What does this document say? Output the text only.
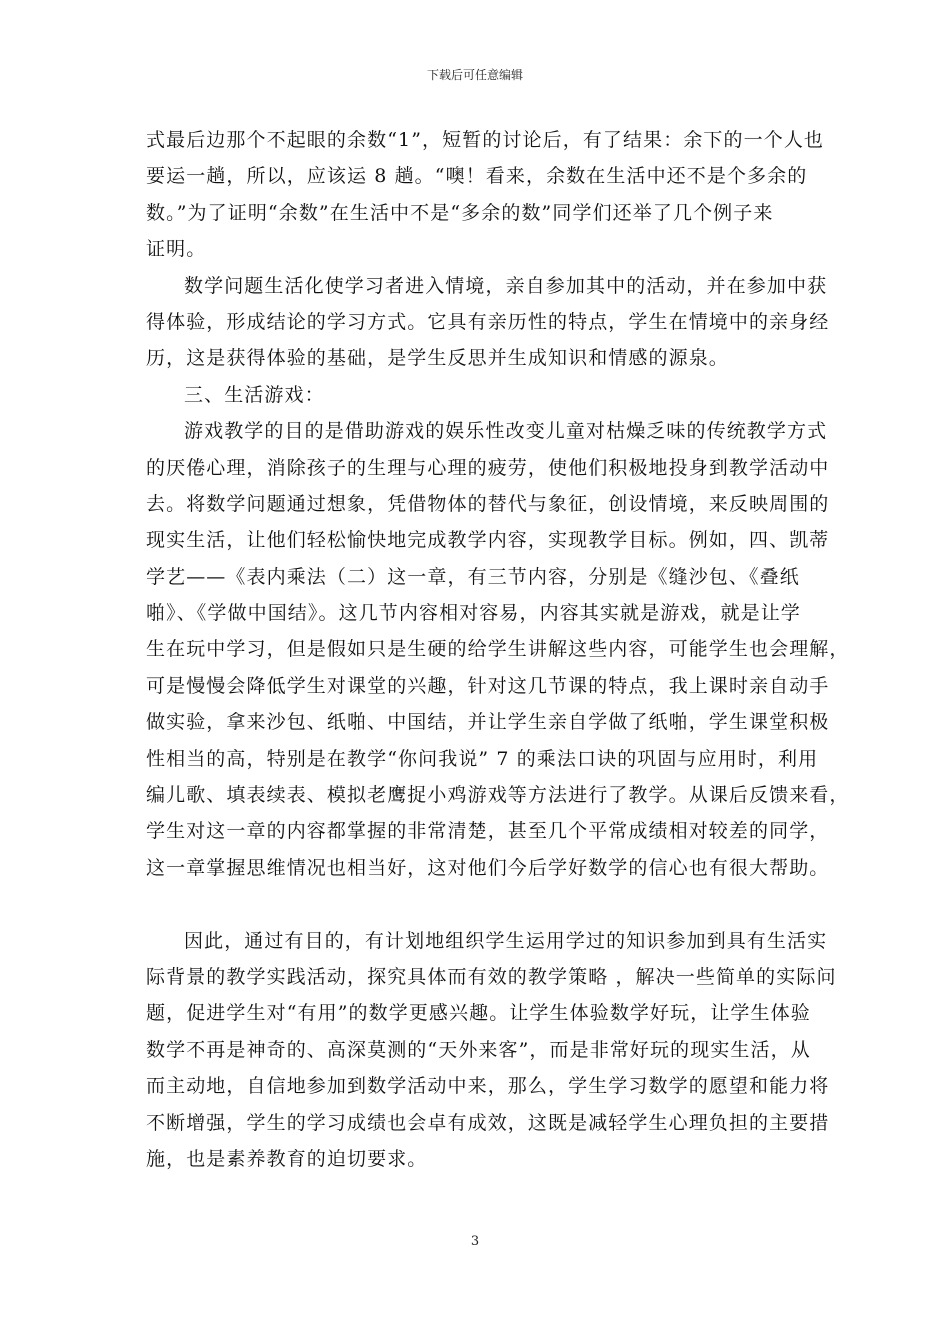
下载后可任意编辑
式最后边那个不起眼的余数“1”，短暂的讨论后，有了结果：余下的一个人也
要运一趟，所以，应该运 8 趟。“噢！看来，余数在生活中还不是个多余的
数。”为了证明“余数”在生活中不是“多余的数”同学们还举了几个例子来
证明。
数学问题生活化使学习者进入情境，亲自参加其中的活动，并在参加中获
得体验，形成结论的学习方式。它具有亲历性的特点，学生在情境中的亲身经
历，这是获得体验的基础，是学生反思并生成知识和情感的源泉。
三、生活游戏：
游戏教学的目的是借助游戏的娱乐性改变儿童对枯燥乏味的传统教学方式
的厌倦心理，消除孩子的生理与心理的疲劳，使他们积极地投身到教学活动中
去。将数学问题通过想象，凭借物体的替代与象征，创设情境，来反映周围的
现实生活，让他们轻松愉快地完成教学内容，实现教学目标。例如，四、凯蒂
学艺——《表内乘法（二）这一章，有三节内容，分别是《缝沙包、《叠纸
啪》、《学做中国结》。这几节内容相对容易，内容其实就是游戏，就是让学
生在玩中学习，但是假如只是生硬的给学生讲解这些内容，可能学生也会理解，
可是慢慢会降低学生对课堂的兴趣，针对这几节课的特点，我上课时亲自动手
做实验，拿来沙包、纸啪、中国结，并让学生亲自学做了纸啪，学生课堂积极
性相当的高，特别是在教学“你问我说” 7 的乘法口诀的巩固与应用时，利用
编儿歌、填表续表、模拟老鹰捉小鸡游戏等方法进行了教学。从课后反馈来看，
学生对这一章的内容都掌握的非常清楚，甚至几个平常成绩相对较差的同学，
这一章掌握思维情况也相当好，这对他们今后学好数学的信心也有很大帮助。
因此，通过有目的，有计划地组织学生运用学过的知识参加到具有生活实
际背景的教学实践活动，探究具体而有效的教学策略 ，解决一些简单的实际问
题，促进学生对“有用”的数学更感兴趣。让学生体验数学好玩，让学生体验
数学不再是神奇的、高深莫测的“天外来客”，而是非常好玩的现实生活，从
而主动地，自信地参加到数学活动中来，那么，学生学习数学的愿望和能力将
不断增强，学生的学习成绩也会卓有成效，这既是减轻学生心理负担的主要措
施，也是素养教育的迫切要求。
3
